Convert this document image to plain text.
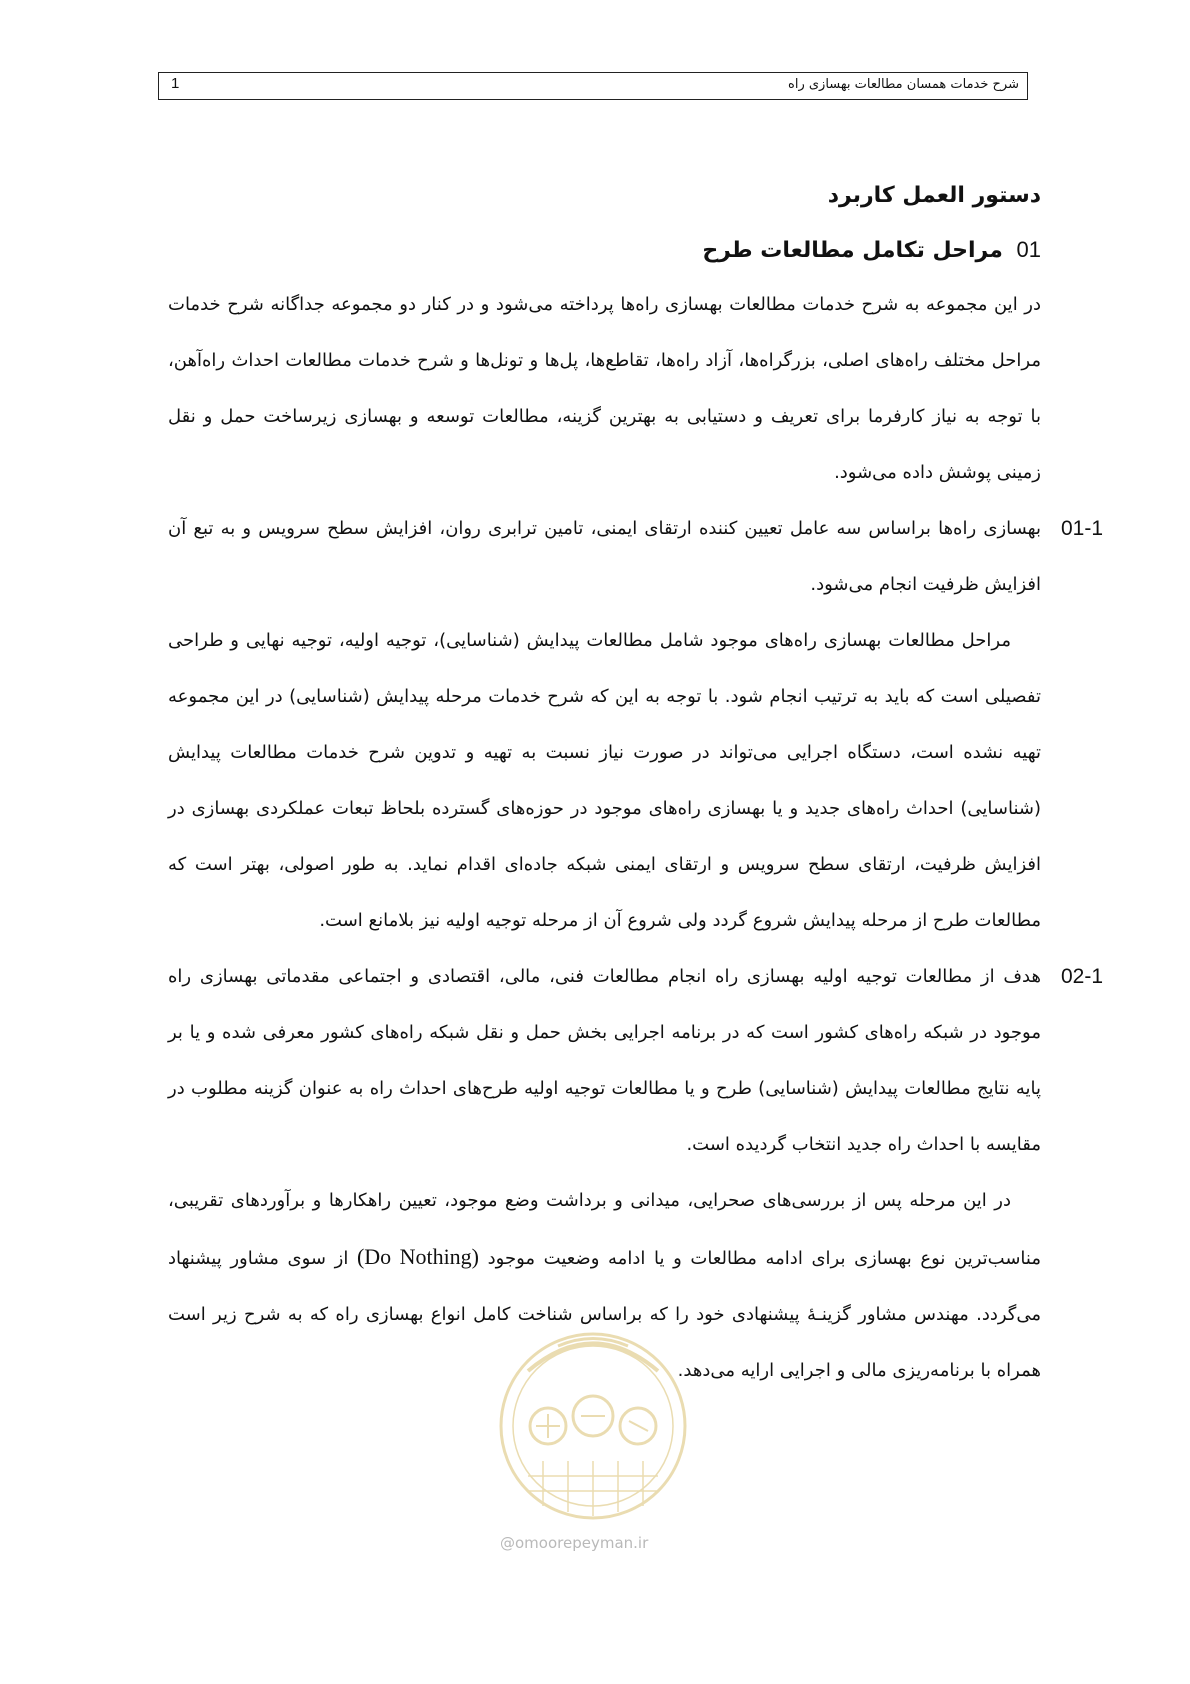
شرح خدمات همسان مطالعات بهسازی راه
1

دستور العمل کاربرد

01 مراحل تکامل مطالعات طرح

در این مجموعه به شرح خدمات مطالعات بهسازی راه‌ها پرداخته می‌شود و در کنار دو مجموعه جداگانه شرح خدمات مراحل مختلف راه‌های اصلی، بزرگراه‌ها، آزاد راه‌ها، تقاطع‌ها، پل‌ها و تونل‌ها و شرح خدمات مطالعات احداث راه‌آهن، با توجه به نیاز کارفرما برای تعریف و دستیابی به بهترین گزینه، مطالعات توسعه و بهسازی زیرساخت حمل و نقل زمینی پوشش داده می‌شود.

01-1

بهسازی راه‌ها براساس سه عامل تعیین کننده ارتقای ایمنی، تامین ترابری روان، افزایش سطح سرویس و به تبع آن افزایش ظرفیت انجام می‌شود.

مراحل مطالعات بهسازی راه‌های موجود شامل مطالعات پیدایش (شناسایی)، توجیه اولیه، توجیه نهایی و طراحی تفصیلی است که باید به ترتیب انجام شود. با توجه به این که شرح خدمات مرحله پیدایش (شناسایی) در این مجموعه تهیه نشده است، دستگاه اجرایی می‌تواند در صورت نیاز نسبت به تهیه و تدوین شرح خدمات مطالعات پیدایش (شناسایی) احداث راه‌های جدید و یا بهسازی راه‌های موجود در حوزه‌های گسترده بلحاظ تبعات عملکردی بهسازی در افزایش ظرفیت، ارتقای سطح سرویس و ارتقای ایمنی شبکه جاده‌ای اقدام نماید. به طور اصولی، بهتر است که مطالعات طرح از مرحله پیدایش شروع گردد ولی شروع آن از مرحله توجیه اولیه نیز بلامانع است.

02-1

هدف از مطالعات توجیه اولیه بهسازی راه انجام مطالعات فنی، مالی، اقتصادی و اجتماعی مقدماتی بهسازی راه موجود در شبکه راه‌های کشور است که در برنامه اجرایی بخش حمل و نقل شبکه راه‌های کشور معرفی شده و یا بر پایه نتایج مطالعات پیدایش (شناسایی) طرح و یا مطالعات توجیه اولیه طرح‌های احداث راه به عنوان گزینه مطلوب در مقایسه با احداث راه جدید انتخاب گردیده است.

در این مرحله پس از بررسی‌های صحرایی، میدانی و برداشت وضع موجود، تعیین راهکارها و برآوردهای تقریبی، مناسب‌ترین نوع بهسازی برای ادامه مطالعات و یا ادامه وضعیت موجود (Do Nothing) از سوی مشاور پیشنهاد می‌گردد. مهندس مشاور گزینـهٔ پیشنهادی خود را که براساس شناخت کامل انواع بهسازی راه که به شرح زیر است همراه با برنامه‌ریزی مالی و اجرایی ارایه می‌دهد.

@omoorepeyman.ir
